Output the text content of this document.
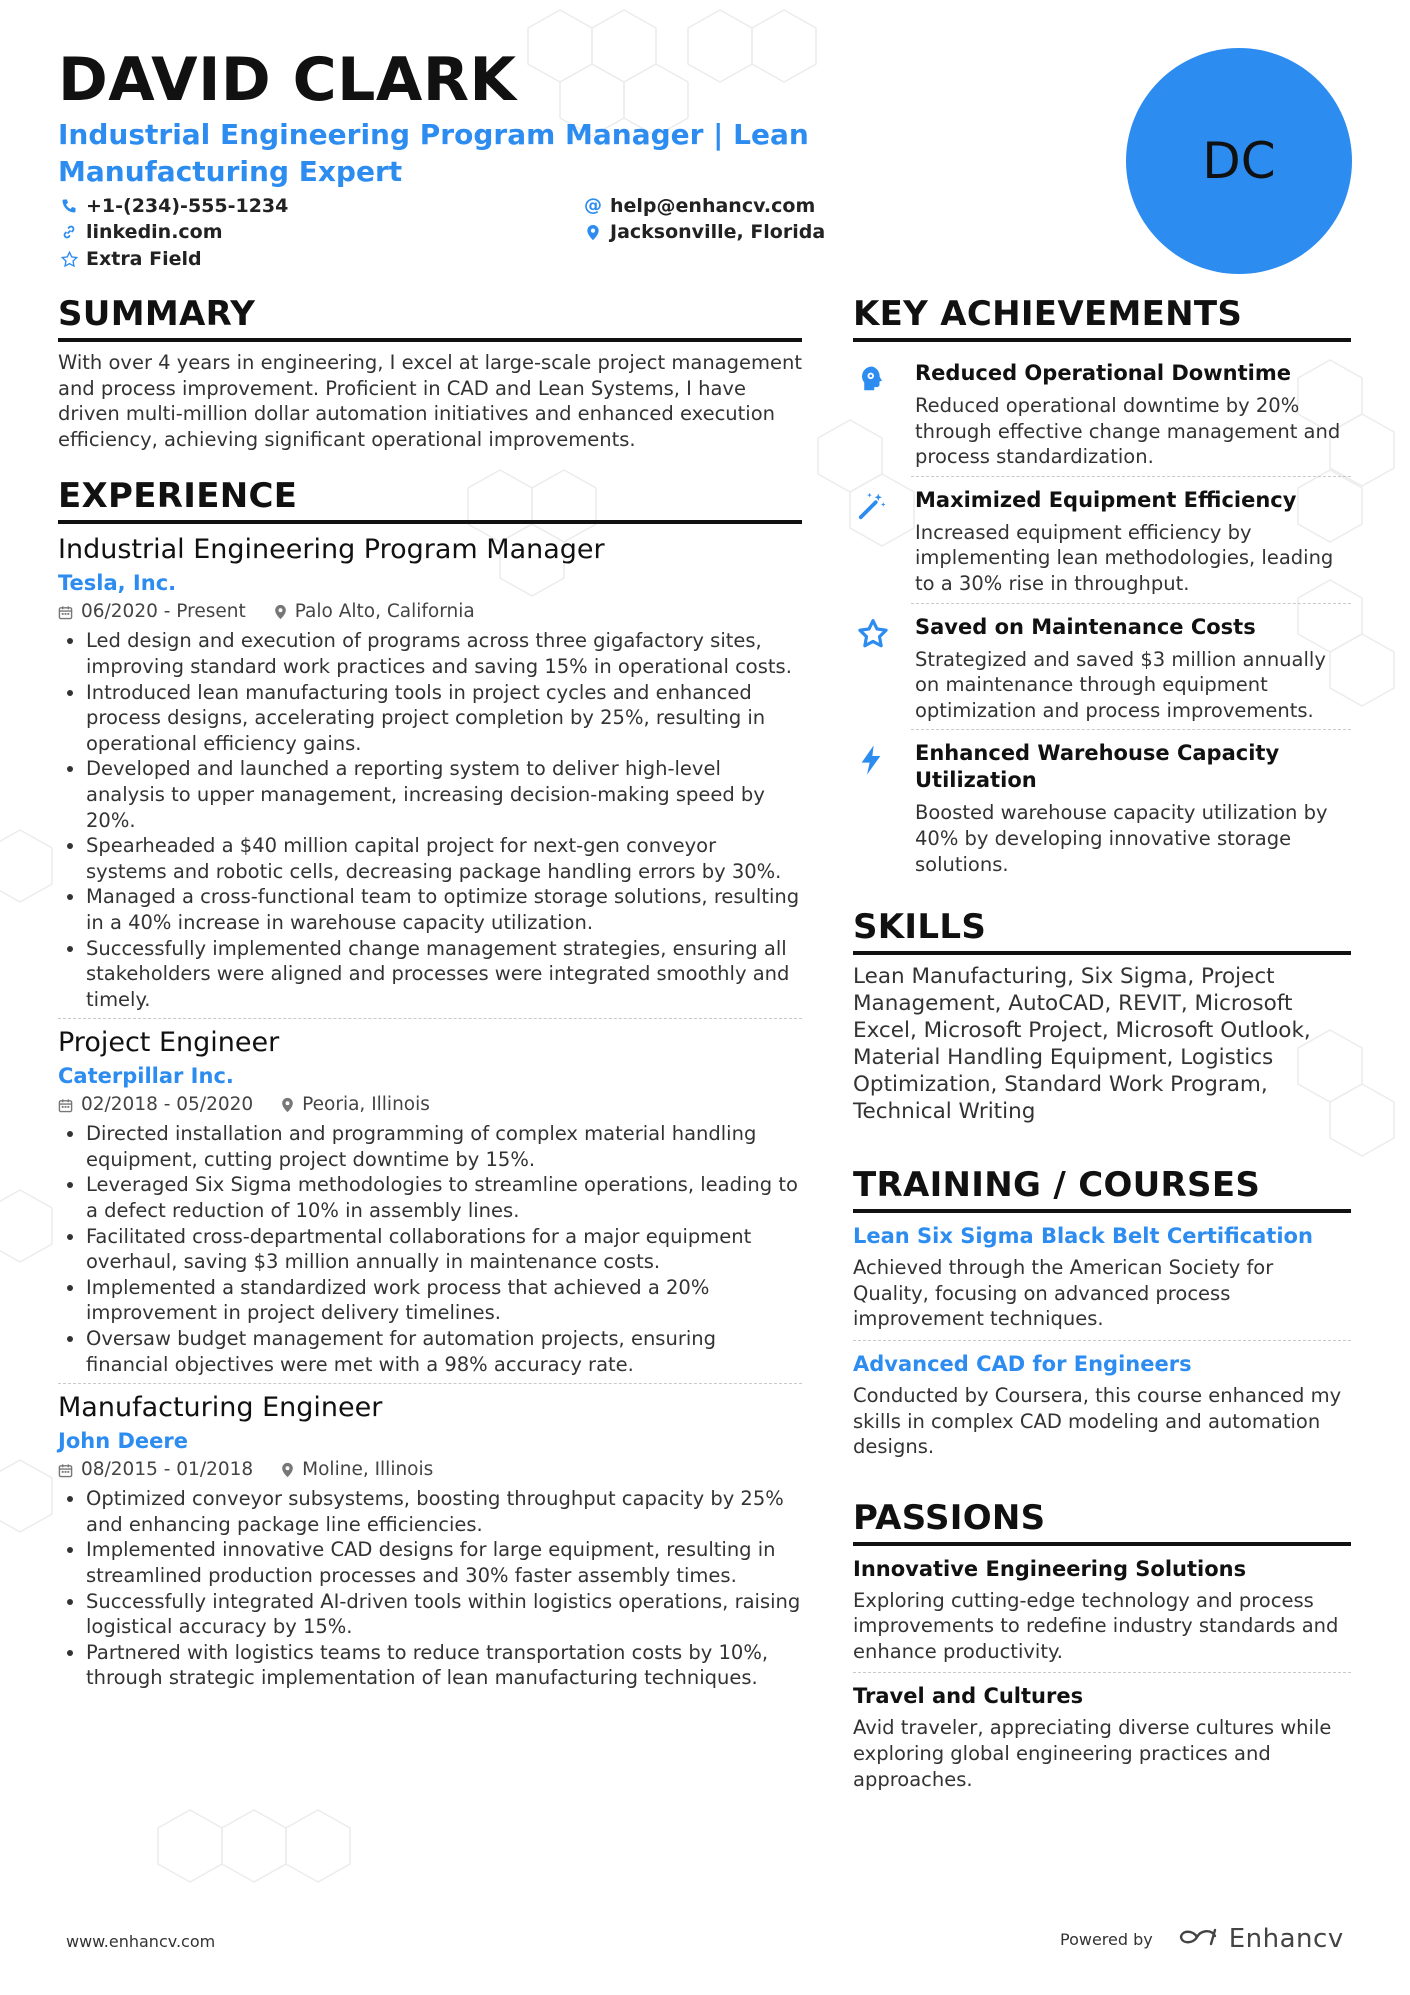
DAVID CLARK
Industrial Engineering Program Manager | Lean Manufacturing Expert
+1-(234)-555-1234
linkedin.com
Extra Field
@ help@enhancv.com
Jacksonville, Florida
DC
SUMMARY

With over 4 years in engineering, I excel at large-scale project management and process improvement. Proficient in CAD and Lean Systems, I have driven multi-million dollar automation initiatives and enhanced execution efficiency, achieving significant operational improvements.

EXPERIENCE
Industrial Engineering Program Manager
Tesla, Inc.
06/2020 - Present	Palo Alto, California
• Led design and execution of programs across three gigafactory sites, improving standard work practices and saving 15% in operational costs.
• Introduced lean manufacturing tools in project cycles and enhanced process designs, accelerating project completion by 25%, resulting in operational efficiency gains.
• Developed and launched a reporting system to deliver high-level analysis to upper management, increasing decision-making speed by 20%.
• Spearheaded a $40 million capital project for next-gen conveyor systems and robotic cells, decreasing package handling errors by 30%.
• Managed a cross-functional team to optimize storage solutions, resulting in a 40% increase in warehouse capacity utilization.
• Successfully implemented change management strategies, ensuring all stakeholders were aligned and processes were integrated smoothly and timely.
Project Engineer
Caterpillar Inc.
02/2018 - 05/2020	Peoria, Illinois
• Directed installation and programming of complex material handling equipment, cutting project downtime by 15%.
• Leveraged Six Sigma methodologies to streamline operations, leading to a defect reduction of 10% in assembly lines.
• Facilitated cross-departmental collaborations for a major equipment overhaul, saving $3 million annually in maintenance costs.
• Implemented a standardized work process that achieved a 20% improvement in project delivery timelines.
• Oversaw budget management for automation projects, ensuring financial objectives were met with a 98% accuracy rate.
Manufacturing Engineer
John Deere
08/2015 - 01/2018	Moline, Illinois
• Optimized conveyor subsystems, boosting throughput capacity by 25% and enhancing package line efficiencies.
• Implemented innovative CAD designs for large equipment, resulting in streamlined production processes and 30% faster assembly times.
• Successfully integrated AI-driven tools within logistics operations, raising logistical accuracy by 15%.
• Partnered with logistics teams to reduce transportation costs by 10%, through strategic implementation of lean manufacturing techniques.
KEY ACHIEVEMENTS
Reduced Operational Downtime
Reduced operational downtime by 20% through effective change management and process standardization.
Maximized Equipment Efficiency
Increased equipment efficiency by implementing lean methodologies, leading to a 30% rise in throughput.
Saved on Maintenance Costs
Strategized and saved $3 million annually on maintenance through equipment optimization and process improvements.
Enhanced Warehouse Capacity Utilization
Boosted warehouse capacity utilization by 40% by developing innovative storage solutions.
SKILLS

Lean Manufacturing, Six Sigma, Project Management, AutoCAD, REVIT, Microsoft Excel, Microsoft Project, Microsoft Outlook, Material Handling Equipment, Logistics Optimization, Standard Work Program, Technical Writing

TRAINING / COURSES
Lean Six Sigma Black Belt Certification

Achieved through the American Society for Quality, focusing on advanced process improvement techniques.

Advanced CAD for Engineers

Conducted by Coursera, this course enhanced my skills in complex CAD modeling and automation designs.

PASSIONS
Innovative Engineering Solutions

Exploring cutting-edge technology and process improvements to redefine industry standards and enhance productivity.

Travel and Cultures

Avid traveler, appreciating diverse cultures while exploring global engineering practices and approaches.

www.enhancv.com	Powered by	Enhancv
